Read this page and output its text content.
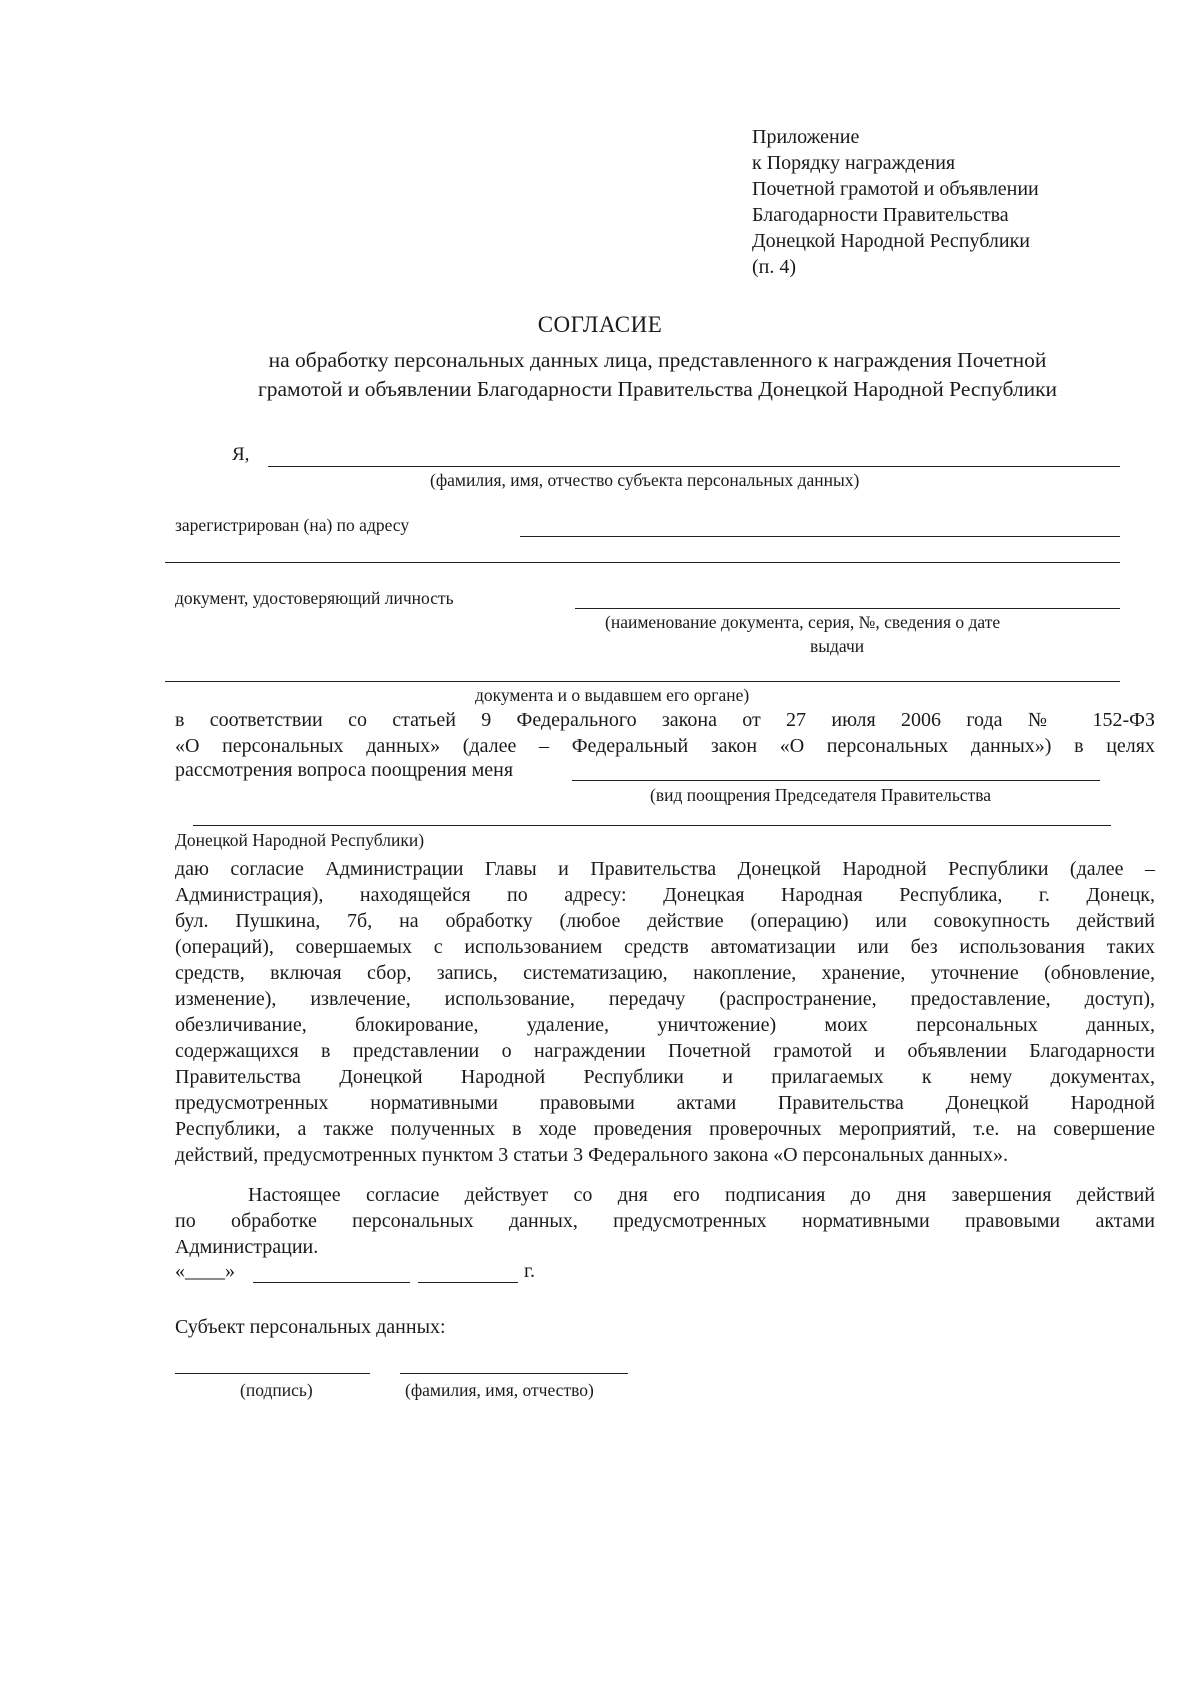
Приложение
к Порядку награждения
Почетной грамотой и объявлении
Благодарности Правительства
Донецкой Народной Республики
(п. 4)
СОГЛАСИЕ
на обработку персональных данных лица, представленного к награждения Почетной
грамотой и объявлении Благодарности Правительства Донецкой Народной Республики
Я,
(фамилия, имя, отчество субъекта персональных данных)
зарегистрирован (на) по адресу
документ, удостоверяющий личность
(наименование документа, серия, №, сведения о дате
выдачи
документа и о выдавшем его органе)
в соответствии со статьей 9 Федерального закона от 27 июля 2006 года № 152-ФЗ
«О персональных данных» (далее – Федеральный закон «О персональных данных») в целях
рассмотрения вопроса поощрения меня
(вид поощрения Председателя Правительства
Донецкой Народной Республики)
даю согласие Администрации Главы и Правительства Донецкой Народной Республики (далее –
Администрация), находящейся по адресу: Донецкая Народная Республика, г. Донецк,
бул. Пушкина, 7б, на обработку (любое действие (операцию) или совокупность действий
(операций), совершаемых с использованием средств автоматизации или без использования таких
средств, включая сбор, запись, систематизацию, накопление, хранение, уточнение (обновление,
изменение), извлечение, использование, передачу (распространение, предоставление, доступ),
обезличивание, блокирование, удаление, уничтожение) моих персональных данных,
содержащихся в представлении о награждении Почетной грамотой и объявлении Благодарности
Правительства Донецкой Народной Республики и прилагаемых к нему документах,
предусмотренных нормативными правовыми актами Правительства Донецкой Народной
Республики, а также полученных в ходе проведения проверочных мероприятий, т.е. на совершение
действий, предусмотренных пунктом 3 статьи 3 Федерального закона «О персональных данных».
Настоящее согласие действует со дня его подписания до дня завершения действий
по обработке персональных данных, предусмотренных нормативными правовыми актами
Администрации.
«____»	г.
Субъект персональных данных:
(подпись)	(фамилия, имя, отчество)
